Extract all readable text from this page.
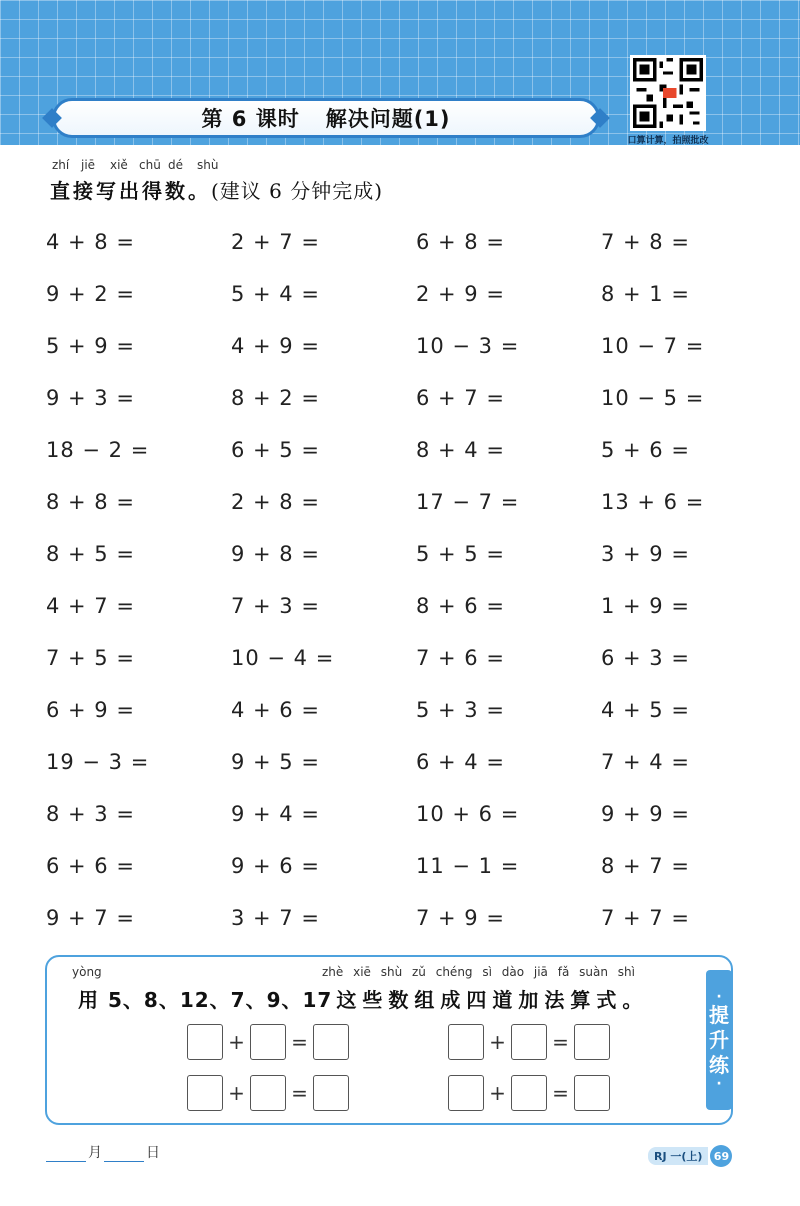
第 6 课时 解决问题(1)
口算计算，拍照批改
zhí jiē	xiě chū dé	shù
直接写出得数。(建议 6 分钟完成)
4 + 8 =	2 + 7 =	6 + 8 =	7 + 8 =
9 + 2 =	5 + 4 =	2 + 9 =	8 + 1 =
5 + 9 =	4 + 9 =	10 − 3 =	10 − 7 =
9 + 3 =	8 + 2 =	6 + 7 =	10 − 5 =
18 − 2 =	6 + 5 =	8 + 4 =	5 + 6 =
8 + 8 =	2 + 8 =	17 − 7 =	13 + 6 =
8 + 5 =	9 + 8 =	5 + 5 =	3 + 9 =
4 + 7 =	7 + 3 =	8 + 6 =	1 + 9 =
7 + 5 =	10 − 4 =	7 + 6 =	6 + 3 =
6 + 9 =	4 + 6 =	5 + 3 =	4 + 5 =
19 − 3 =	9 + 5 =	6 + 4 =	7 + 4 =
8 + 3 =	9 + 4 =	10 + 6 =	9 + 9 =
6 + 6 =	9 + 6 =	11 − 1 =	8 + 7 =
9 + 7 =	3 + 7 =	7 + 9 =	7 + 7 =
·
提
升
练
·
yòng	zhè xiē shù zǔ chéng sì dào jiā fǎ suàn shì
用 5、8、12、7、9、17 这些数组成四道加法算式。
+ =	+ =
+ =	+ =
月	日	RJ 一(上)	69
